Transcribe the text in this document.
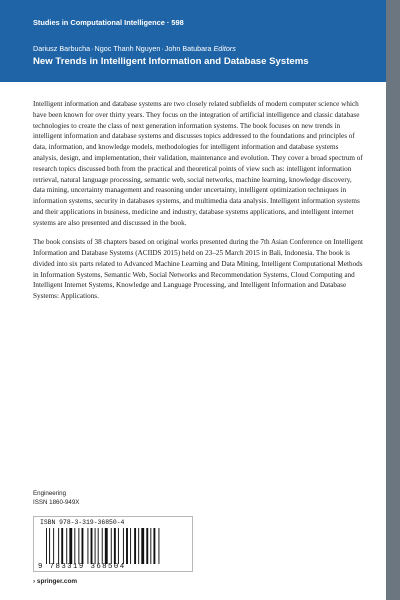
Studies in Computational Intelligence · 598
Dariusz Barbucha·Ngoc Thanh Nguyen·John Batubara Editors
New Trends in Intelligent Information and Database Systems

Intelligent information and database systems are two closely related subfields of modern computer science which have been known for over thirty years. They focus on the integration of artificial intelligence and classic database technologies to create the class of next generation information systems. The book focuses on new trends in intelligent information and database systems and discusses topics addressed to the foundations and principles of data, information, and knowledge models, methodologies for intelligent information and database systems analysis, design, and implementation, their validation, maintenance and evolution. They cover a broad spectrum of research topics discussed both from the practical and theoretical points of view such as: intelligent information retrieval, natural language processing, semantic web, social networks, machine learning, knowledge discovery, data mining, uncertainty management and reasoning under uncertainty, intelligent optimization techniques in information systems, security in databases systems, and multimedia data analysis. Intelligent information systems and their applications in business, medicine and industry, database systems applications, and intelligent internet systems are also presented and discussed in the book.

The book consists of 38 chapters based on original works presented during the 7th Asian Conference on Intelligent Information and Database Systems (ACIIDS 2015) held on 23–25 March 2015 in Bali, Indonesia. The book is divided into six parts related to Advanced Machine Learning and Data Mining, Intelligent Computational Methods in Information Systems, Semantic Web, Social Networks and Recommendation Systems, Cloud Computing and Intelligent Internet Systems, Knowledge and Language Processing, and Intelligent Information and Database Systems: Applications.

Engineering
ISSN 1860-949X
ISBN 978-3-319-36850-4
9 783319 368504
› springer.com
